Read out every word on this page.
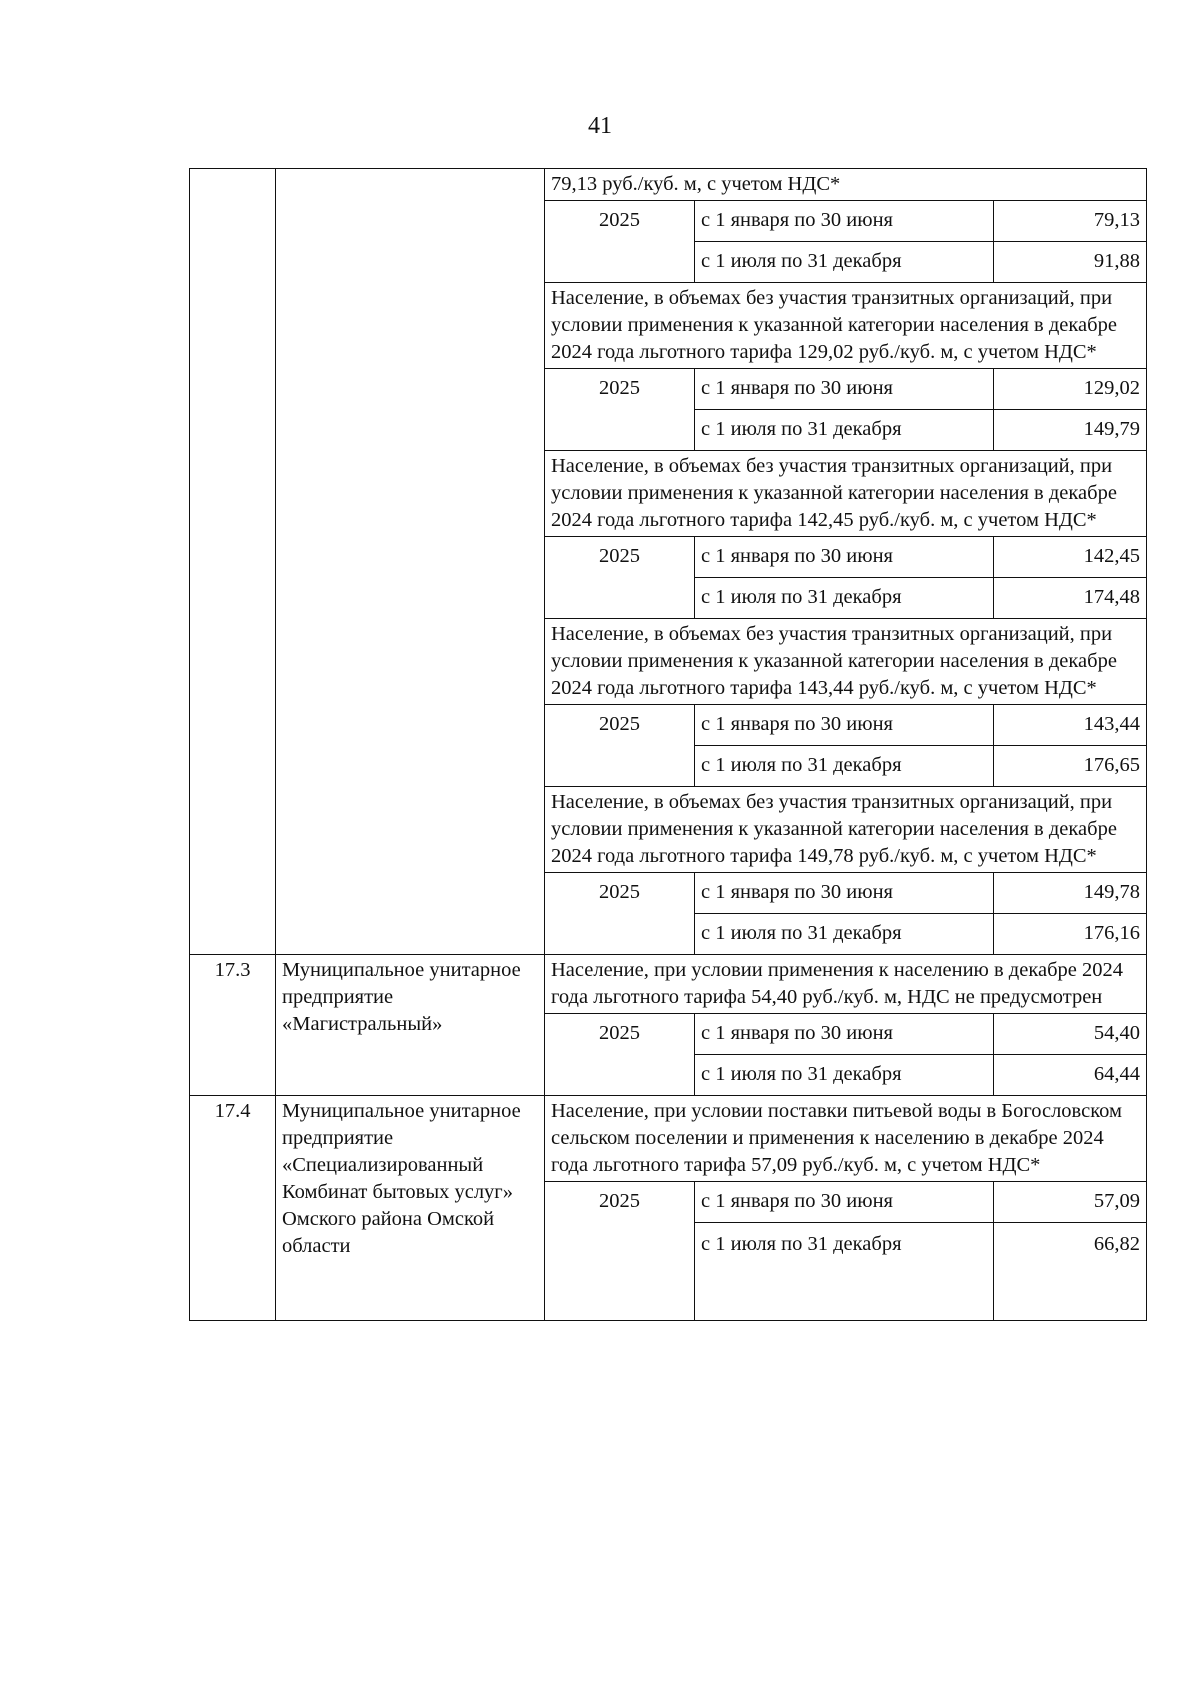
41
		79,13 руб./куб. м, с учетом НДС*		
		2025	с 1 января по 30 июня	79,13
			с 1 июля по 31 декабря	91,88
		Население, в объемах без участия транзитных организаций, при условии применения к указанной категории населения в декабре 2024 года льготного тарифа 129,02 руб./куб. м, с учетом НДС*		
		2025	с 1 января по 30 июня	129,02
			с 1 июля по 31 декабря	149,79
		Население, в объемах без участия транзитных организаций, при условии применения к указанной категории населения в декабре 2024 года льготного тарифа 142,45 руб./куб. м, с учетом НДС*		
		2025	с 1 января по 30 июня	142,45
			с 1 июля по 31 декабря	174,48
		Население, в объемах без участия транзитных организаций, при условии применения к указанной категории населения в декабре 2024 года льготного тарифа 143,44 руб./куб. м, с учетом НДС*		
		2025	с 1 января по 30 июня	143,44
			с 1 июля по 31 декабря	176,65
		Население, в объемах без участия транзитных организаций, при условии применения к указанной категории населения в декабре 2024 года льготного тарифа 149,78 руб./куб. м, с учетом НДС*		
		2025	с 1 января по 30 июня	149,78
			с 1 июля по 31 декабря	176,16
17.3	Муниципальное унитарное предприятие «Магистральный»	Население, при условии применения к населению в декабре 2024 года льготного тарифа 54,40 руб./куб. м, НДС не предусмотрен		
		2025	с 1 января по 30 июня	54,40
			с 1 июля по 31 декабря	64,44
17.4	Муниципальное унитарное предприятие «Специализированный Комбинат бытовых услуг» Омского района Омской области	Население, при условии поставки питьевой воды в Богословском сельском поселении и применения к населению в декабре 2024 года льготного тарифа 57,09 руб./куб. м, с учетом НДС*		
		2025	с 1 января по 30 июня	57,09
			с 1 июля по 31 декабря	66,82
